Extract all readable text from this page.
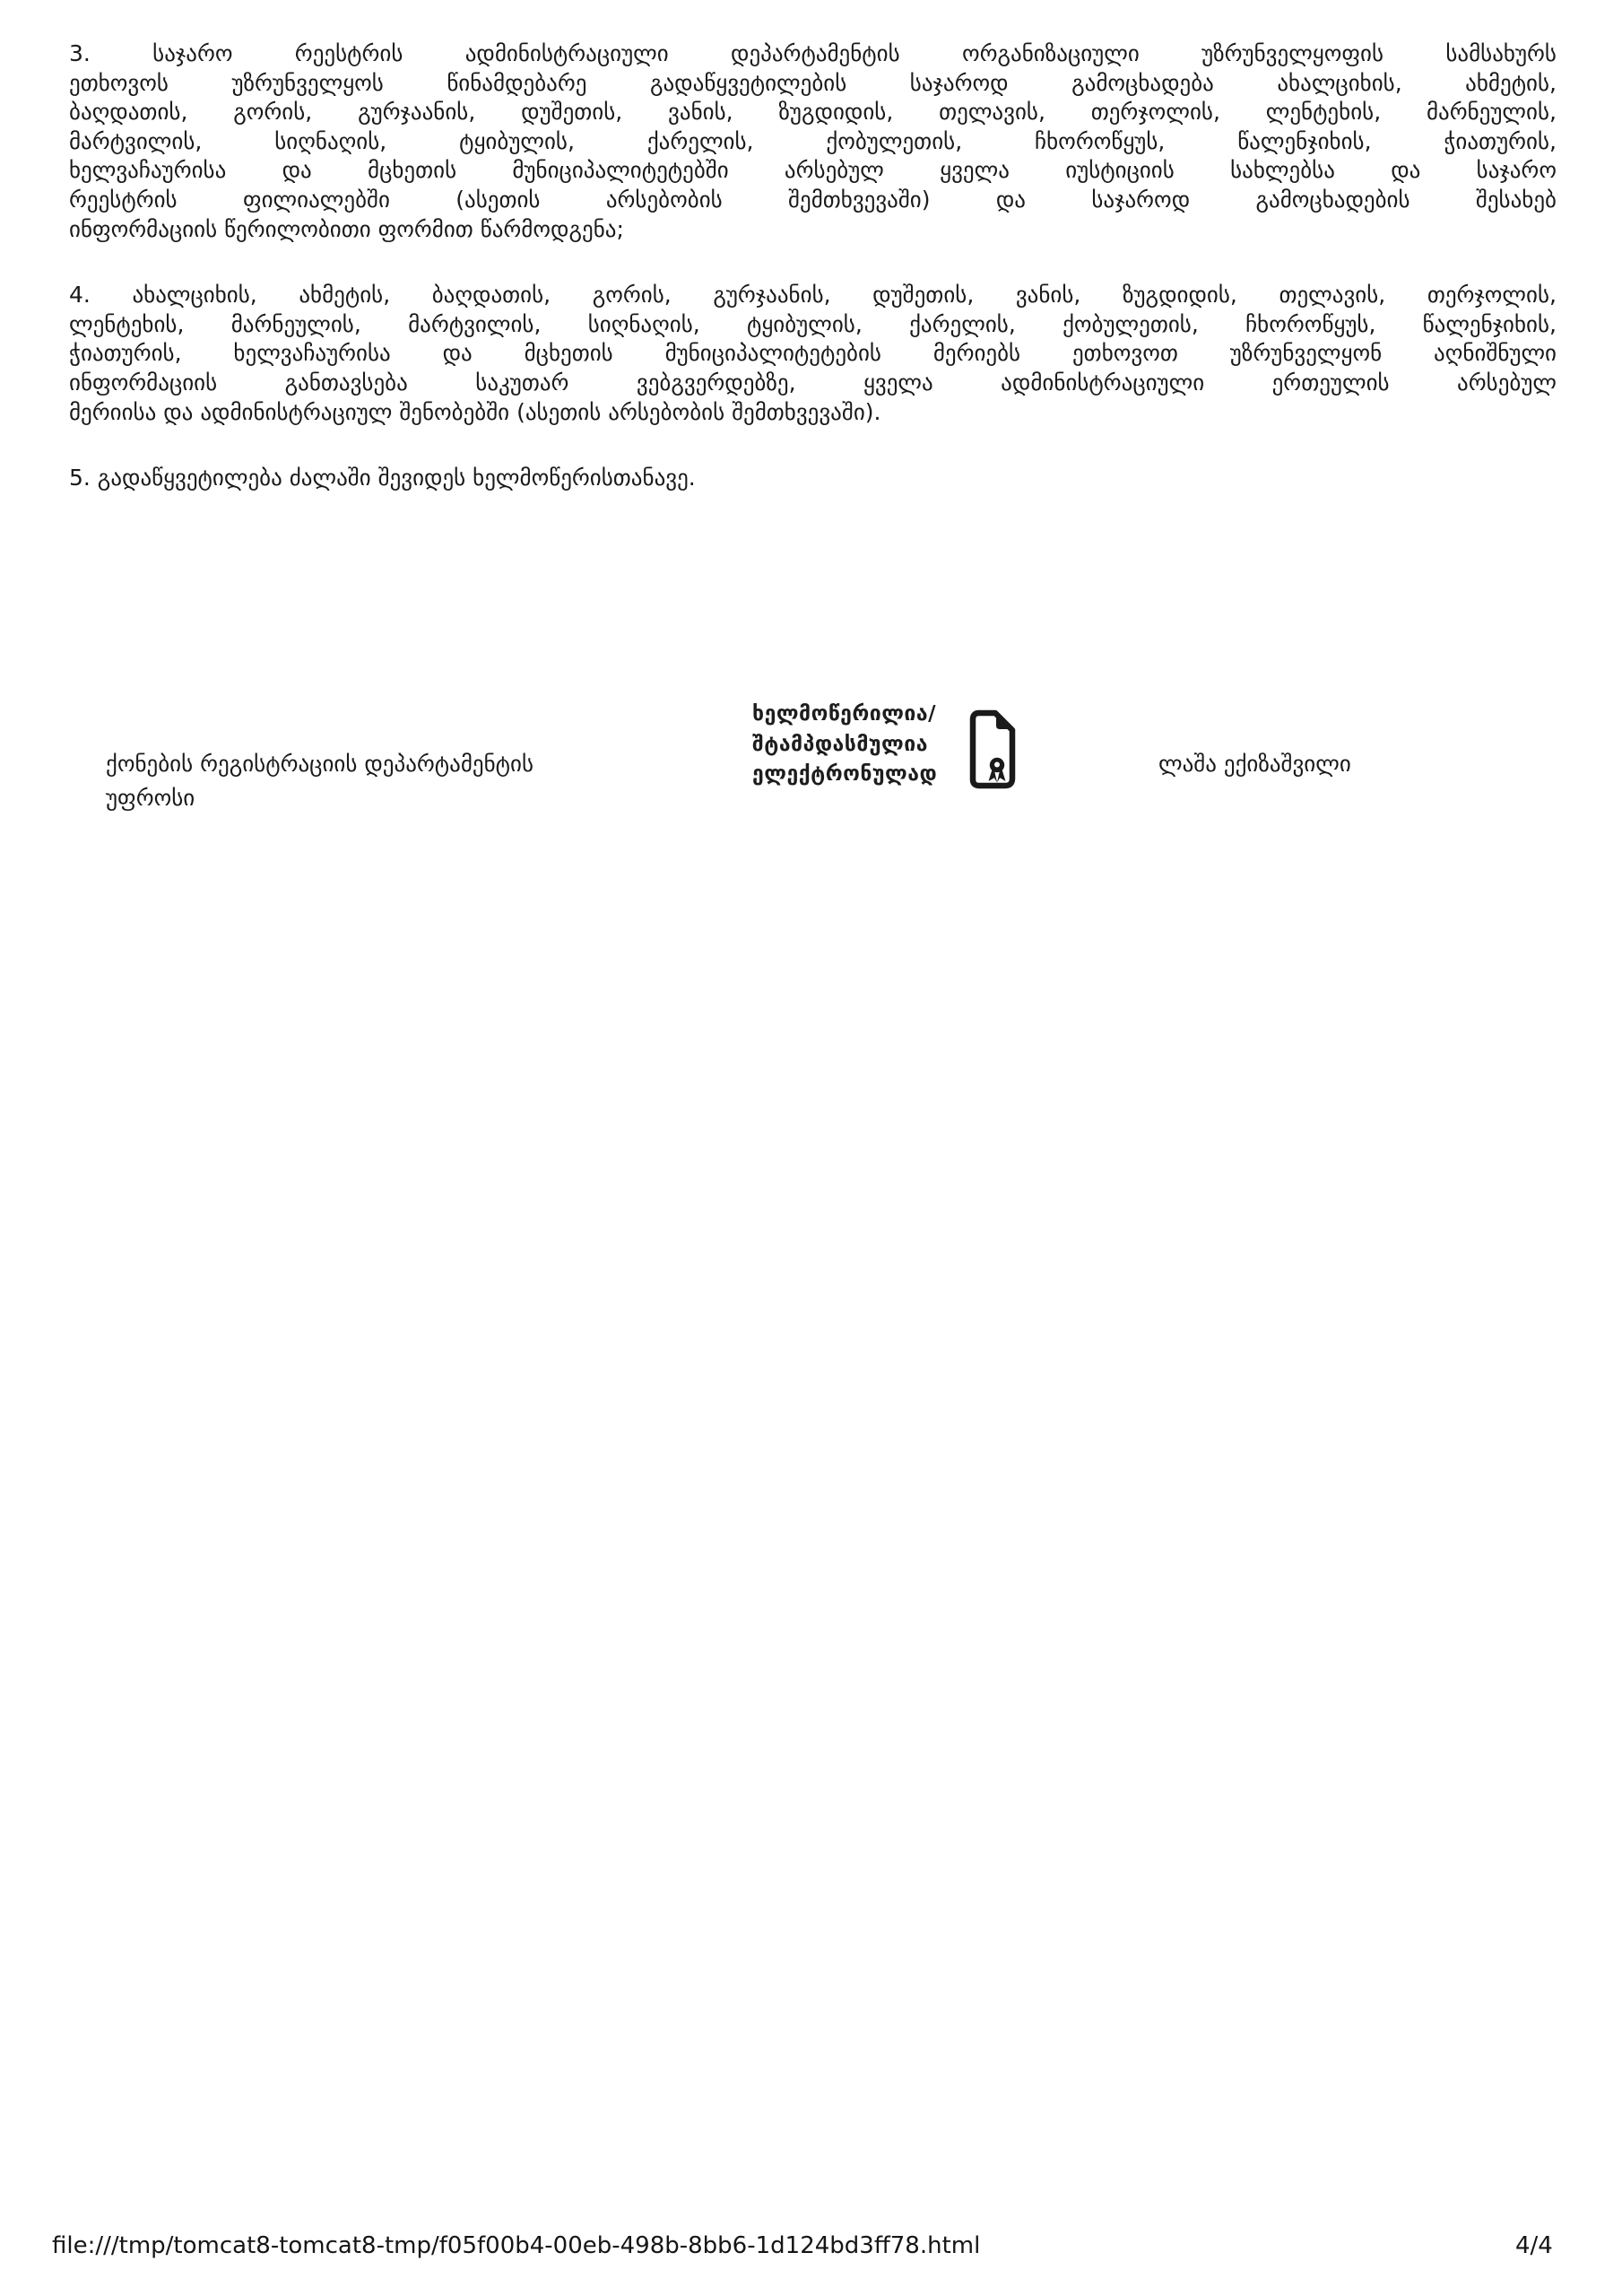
3. საჯარო რეესტრის ადმინისტრაციული დეპარტამენტის ორგანიზაციული უზრუნველყოფის სამსახურს
ეთხოვოს უზრუნველყოს წინამდებარე გადაწყვეტილების საჯაროდ გამოცხადება ახალციხის, ახმეტის,
ბაღდათის, გორის, გურჯაანის, დუშეთის, ვანის, ზუგდიდის, თელავის, თერჯოლის, ლენტეხის, მარნეულის,
მარტვილის, სიღნაღის, ტყიბულის, ქარელის, ქობულეთის, ჩხოროწყუს, წალენჯიხის, ჭიათურის,
ხელვაჩაურისა და მცხეთის მუნიციპალიტეტებში არსებულ ყველა იუსტიციის სახლებსა და საჯარო
რეესტრის ფილიალებში (ასეთის არსებობის შემთხვევაში) და საჯაროდ გამოცხადების შესახებ
ინფორმაციის წერილობითი ფორმით წარმოდგენა;
4. ახალციხის, ახმეტის, ბაღდათის, გორის, გურჯაანის, დუშეთის, ვანის, ზუგდიდის, თელავის, თერჯოლის,
ლენტეხის, მარნეულის, მარტვილის, სიღნაღის, ტყიბულის, ქარელის, ქობულეთის, ჩხოროწყუს, წალენჯიხის,
ჭიათურის, ხელვაჩაურისა და მცხეთის მუნიციპალიტეტების მერიებს ეთხოვოთ უზრუნველყონ აღნიშნული
ინფორმაციის განთავსება საკუთარ ვებგვერდებზე, ყველა ადმინისტრაციული ერთეულის არსებულ
მერიისა და ადმინისტრაციულ შენობებში (ასეთის არსებობის შემთხვევაში).
5. გადაწყვეტილება ძალაში შევიდეს ხელმოწერისთანავე.
ქონების რეგისტრაციის დეპარტამენტის
უფროსი
ხელმოწერილია/
შტამპდასმულია
ელექტრონულად	ლაშა ექიზაშვილი
file:///tmp/tomcat8-tomcat8-tmp/f05f00b4-00eb-498b-8bb6-1d124bd3ff78.html	4/4
